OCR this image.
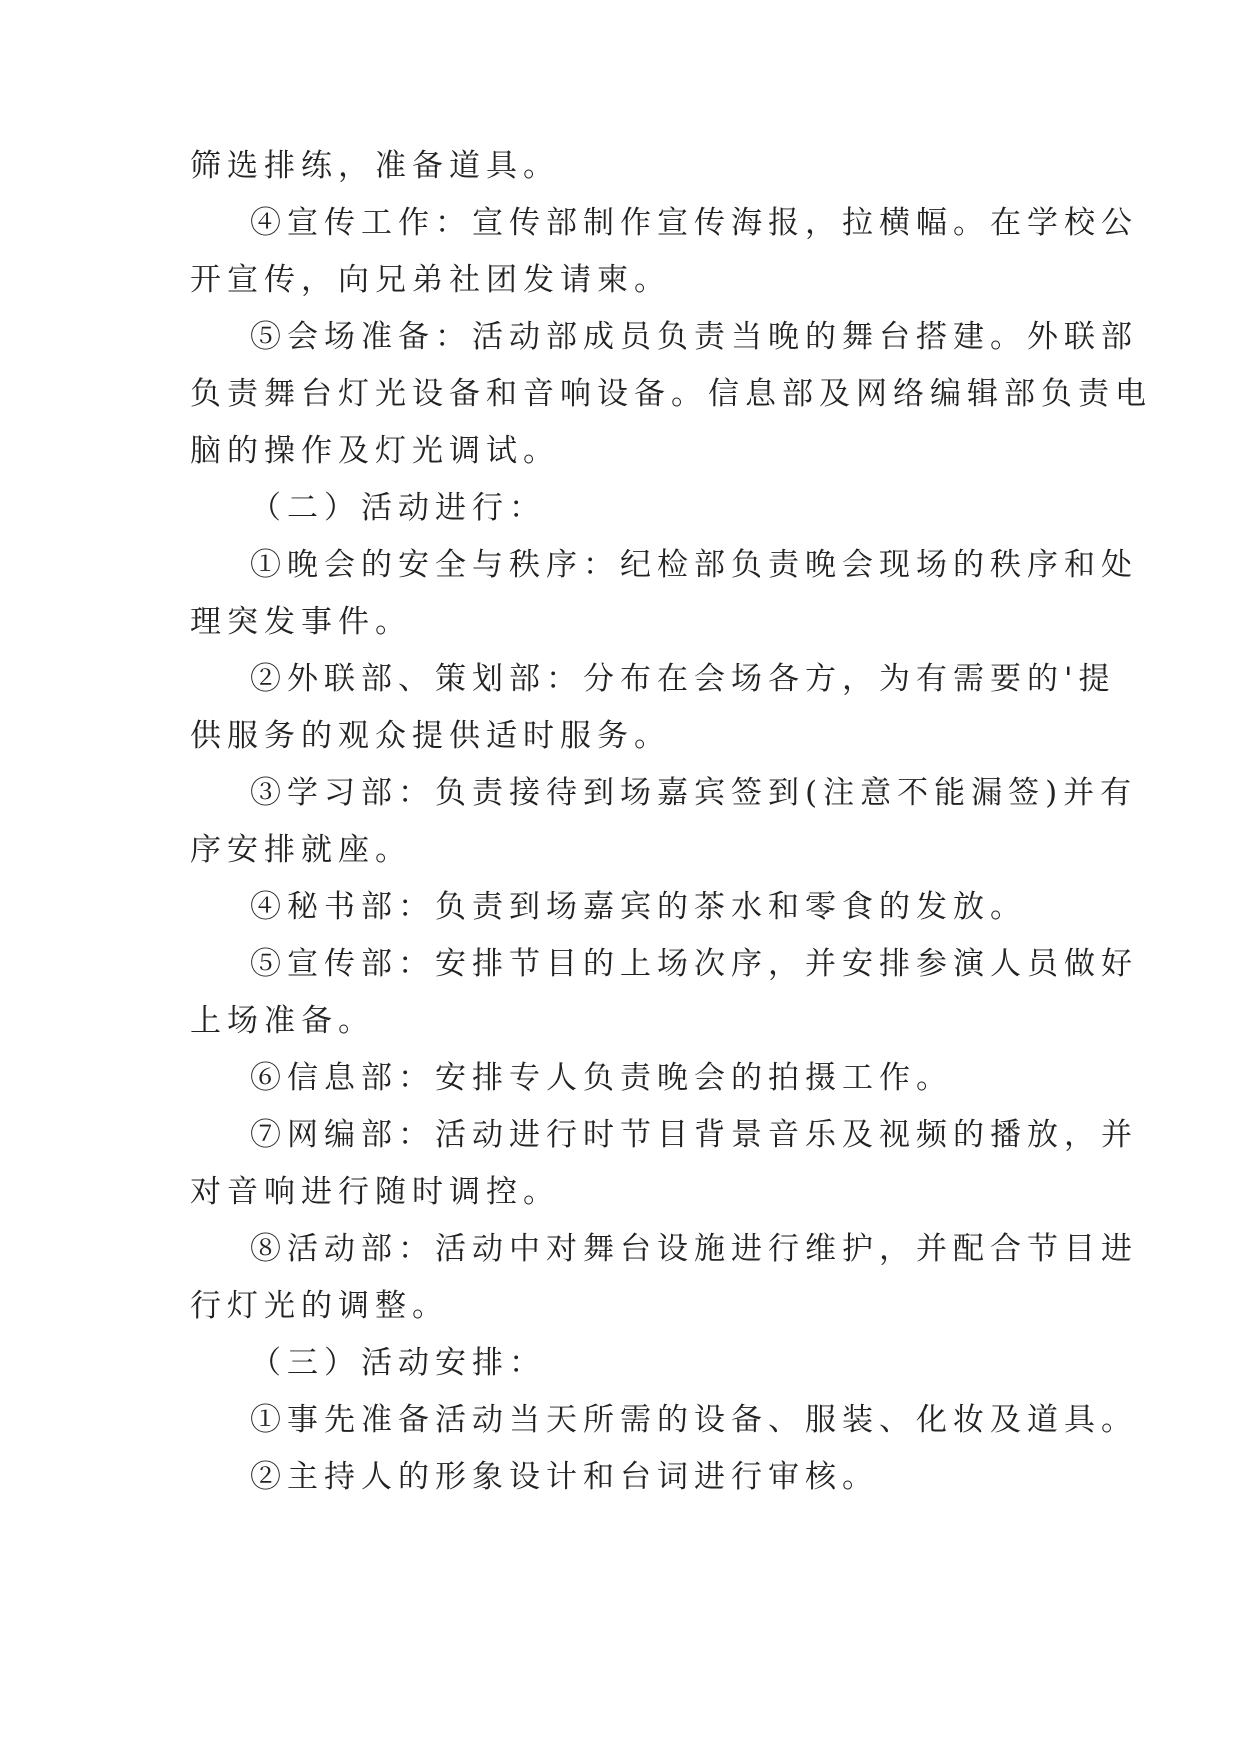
筛选排练，准备道具。
④宣传工作：宣传部制作宣传海报，拉横幅。在学校公
开宣传，向兄弟社团发请柬。
⑤会场准备：活动部成员负责当晚的舞台搭建。外联部
负责舞台灯光设备和音响设备。信息部及网络编辑部负责电
脑的操作及灯光调试。
（二）活动进行：
①晚会的安全与秩序：纪检部负责晚会现场的秩序和处
理突发事件。
②外联部、策划部：分布在会场各方，为有需要的'提
供服务的观众提供适时服务。
③学习部：负责接待到场嘉宾签到(注意不能漏签)并有
序安排就座。
④秘书部：负责到场嘉宾的茶水和零食的发放。
⑤宣传部：安排节目的上场次序，并安排参演人员做好
上场准备。
⑥信息部：安排专人负责晚会的拍摄工作。
⑦网编部：活动进行时节目背景音乐及视频的播放，并
对音响进行随时调控。
⑧活动部：活动中对舞台设施进行维护，并配合节目进
行灯光的调整。
（三）活动安排：
①事先准备活动当天所需的设备、服装、化妆及道具。
②主持人的形象设计和台词进行审核。
